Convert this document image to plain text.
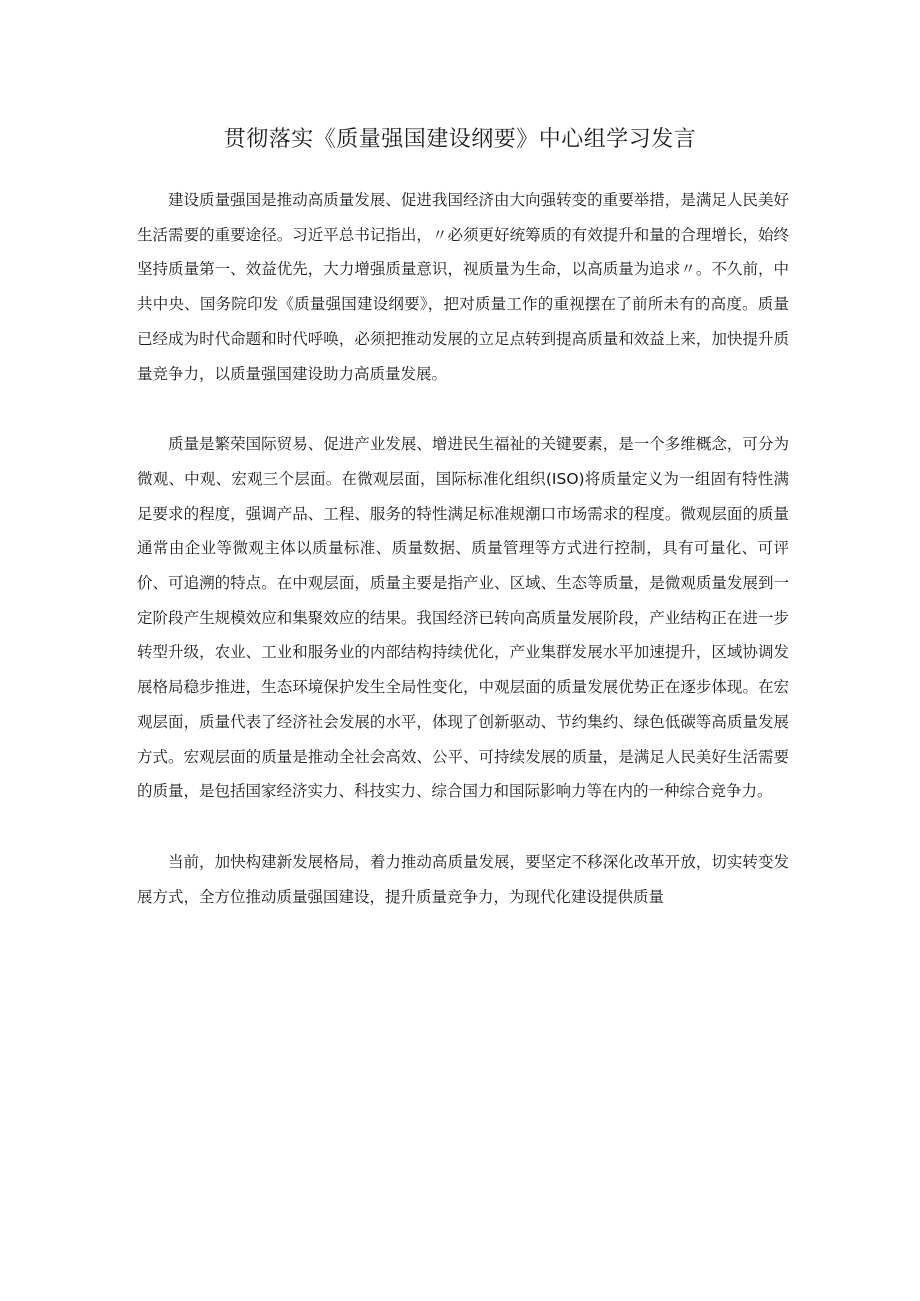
贯彻落实《质量强国建设纲要》中心组学习发言

建设质量强国是推动高质量发展、促进我国经济由大向强转变的重要举措，是满足人民美好生活需要的重要途径。习近平总书记指出，〃必须更好统筹质的有效提升和量的合理增长，始终坚持质量第一、效益优先，大力增强质量意识，视质量为生命，以高质量为追求〃。不久前，中共中央、国务院印发《质量强国建设纲要》，把对质量工作的重视摆在了前所未有的高度。质量已经成为时代命题和时代呼唤，必须把推动发展的立足点转到提高质量和效益上来，加快提升质量竞争力，以质量强国建设助力高质量发展。

质量是繁荣国际贸易、促进产业发展、增进民生福祉的关键要素，是一个多维概念，可分为微观、中观、宏观三个层面。在微观层面，国际标准化组织(ISO)将质量定义为一组固有特性满足要求的程度，强调产品、工程、服务的特性满足标准规潮口市场需求的程度。微观层面的质量通常由企业等微观主体以质量标准、质量数据、质量管理等方式进行控制，具有可量化、可评价、可追溯的特点。在中观层面，质量主要是指产业、区域、生态等质量，是微观质量发展到一定阶段产生规模效应和集聚效应的结果。我国经济已转向高质量发展阶段，产业结构正在进一步转型升级，农业、工业和服务业的内部结构持续优化，产业集群发展水平加速提升，区域协调发展格局稳步推进，生态环境保护发生全局性变化，中观层面的质量发展优势正在逐步体现。在宏观层面，质量代表了经济社会发展的水平，体现了创新驱动、节约集约、绿色低碳等高质量发展方式。宏观层面的质量是推动全社会高效、公平、可持续发展的质量，是满足人民美好生活需要的质量，是包括国家经济实力、科技实力、综合国力和国际影响力等在内的一种综合竞争力。

当前，加快构建新发展格局，着力推动高质量发展，要坚定不移深化改革开放，切实转变发展方式，全方位推动质量强国建设，提升质量竞争力，为现代化建设提供质量
